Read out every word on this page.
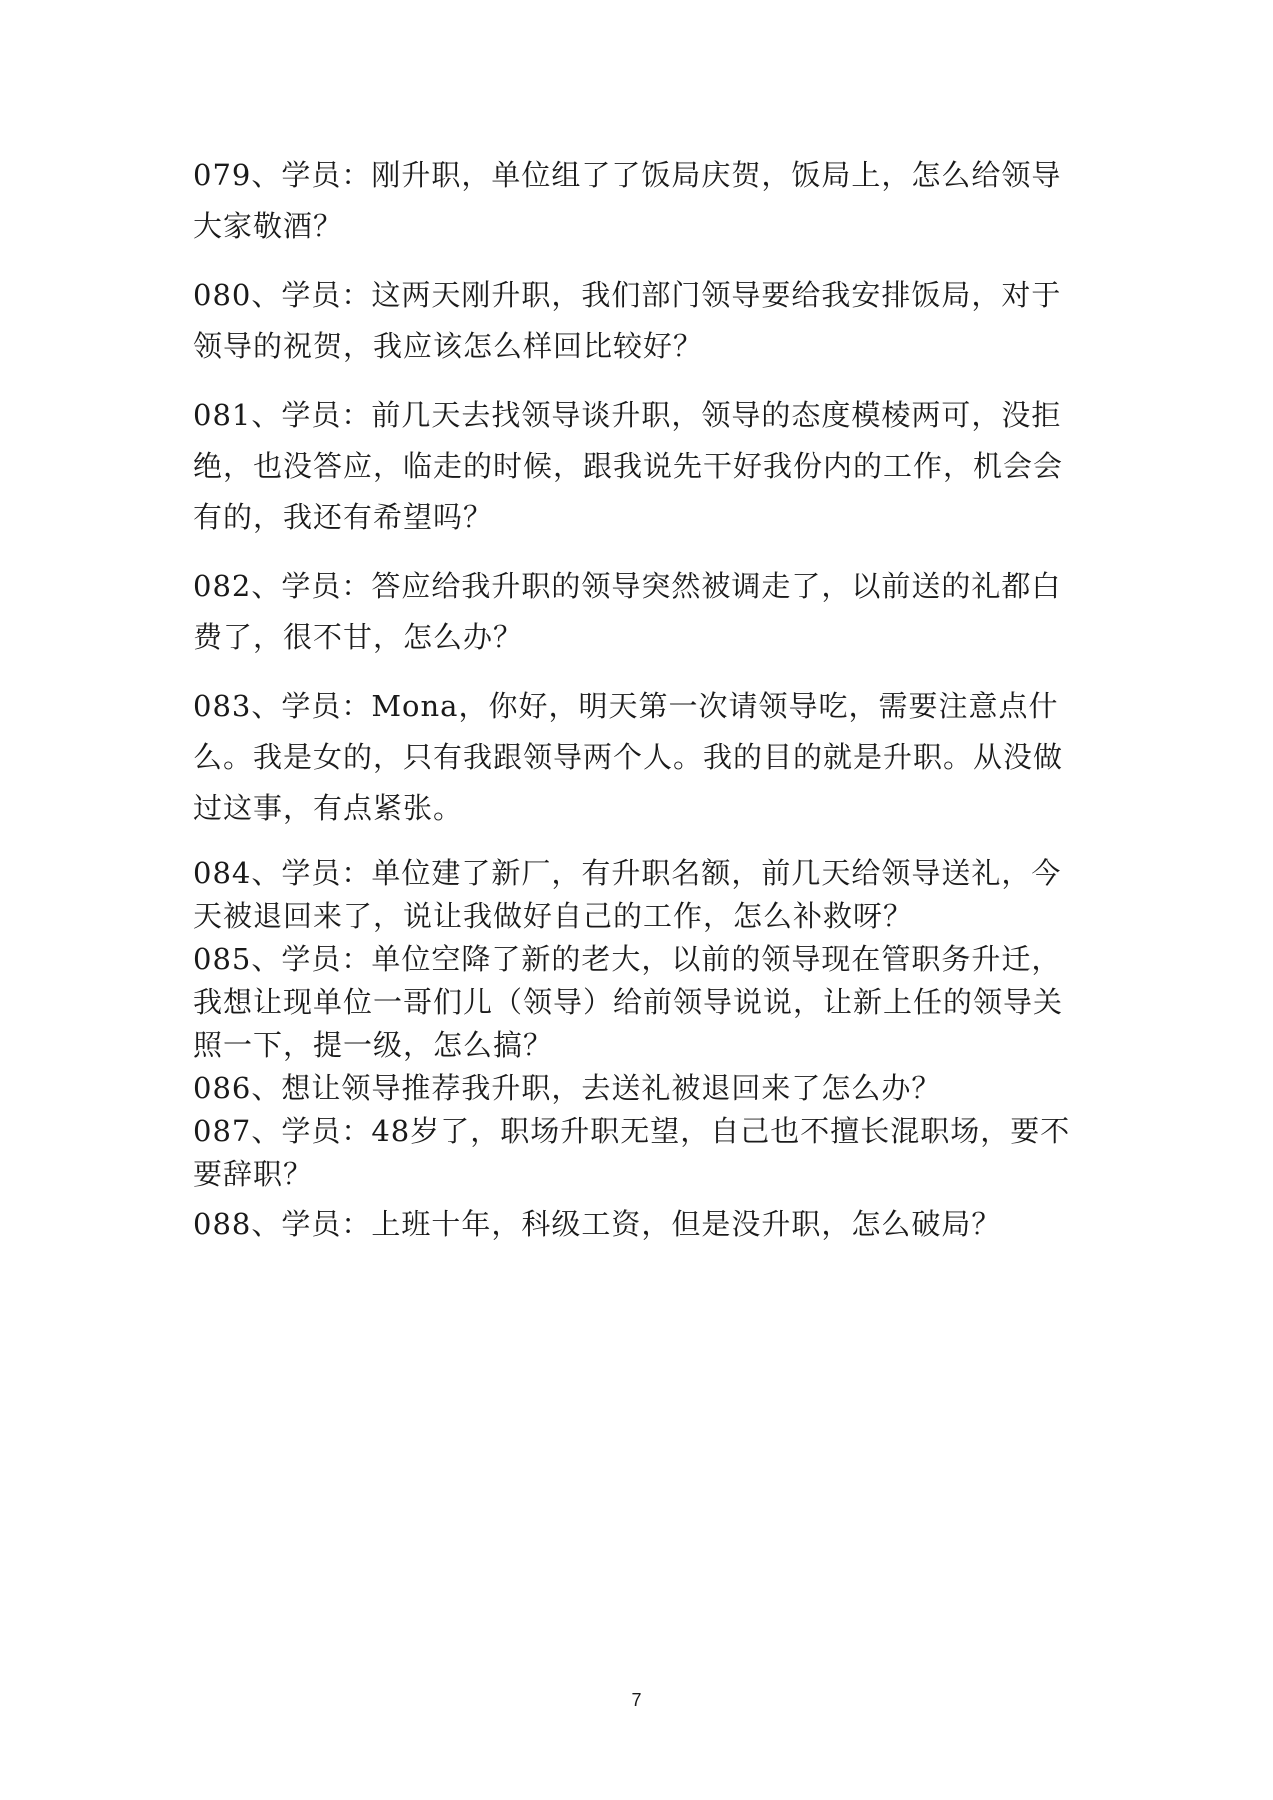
079、学员：刚升职，单位组了了饭局庆贺，饭局上，怎么给领导大家敬酒？

080、学员：这两天刚升职，我们部门领导要给我安排饭局，对于领导的祝贺，我应该怎么样回比较好？

081、学员：前几天去找领导谈升职，领导的态度模棱两可，没拒绝，也没答应，临走的时候，跟我说先干好我份内的工作，机会会有的，我还有希望吗？

082、学员：答应给我升职的领导突然被调走了，以前送的礼都白费了，很不甘，怎么办？

083、学员：Mona，你好，明天第一次请领导吃，需要注意点什么。我是女的，只有我跟领导两个人。我的目的就是升职。从没做过这事，有点紧张。

084、学员：单位建了新厂，有升职名额，前几天给领导送礼，今天被退回来了，说让我做好自己的工作，怎么补救呀？

085、学员：单位空降了新的老大，以前的领导现在管职务升迁，我想让现单位一哥们儿（领导）给前领导说说，让新上任的领导关照一下，提一级，怎么搞？

086、想让领导推荐我升职，去送礼被退回来了怎么办？

087、学员：48岁了，职场升职无望，自己也不擅长混职场，要不要辞职？

088、学员：上班十年，科级工资，但是没升职，怎么破局？

7
